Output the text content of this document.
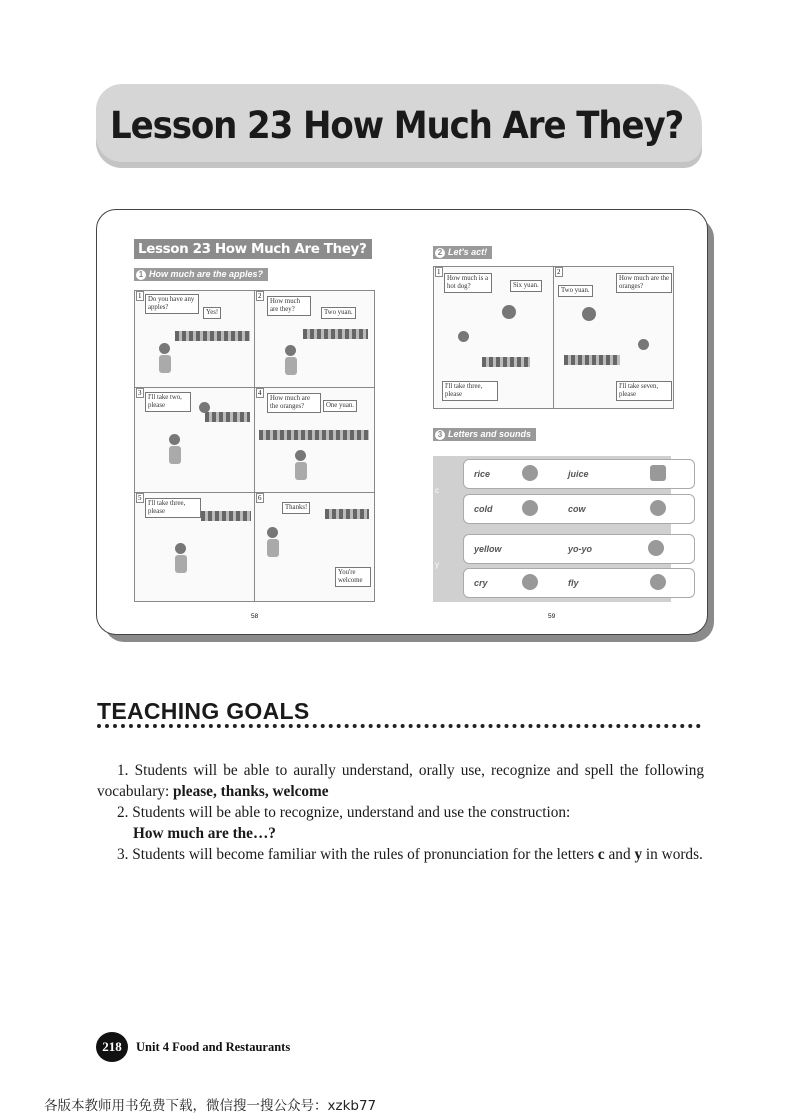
Lesson 23 How Much Are They?
Lesson 23 How Much Are They?
1 How much are the apples?
1 Do you have any apples?
Yes!
2
How much are they?	Two yuan.
3
I'll take two, please
4
How much are the oranges?	One yuan.
5
I'll take three, please
6
Thanks!
You're welcome
2 Let's act!
1
How much is a hot dog?	Six yuan.
I'll take three, please
2
Two yuan.
How much are the oranges?
I'll take seven, please
3 Letters and sounds
c
y
rice	juice
cold	cow
yellow	yo-yo
cry	fly
58	59
TEACHING GOALS
1. Students will be able to aurally understand, orally use, recognize and spell the following vocabulary: please, thanks, welcome
2. Students will be able to recognize, understand and use the construction:
How much are the…?
3. Students will become familiar with the rules of pronunciation for the letters c and y in words.
218	Unit 4 Food and Restaurants
各版本教师用书免费下载，微信搜一搜公众号：xzkb77
